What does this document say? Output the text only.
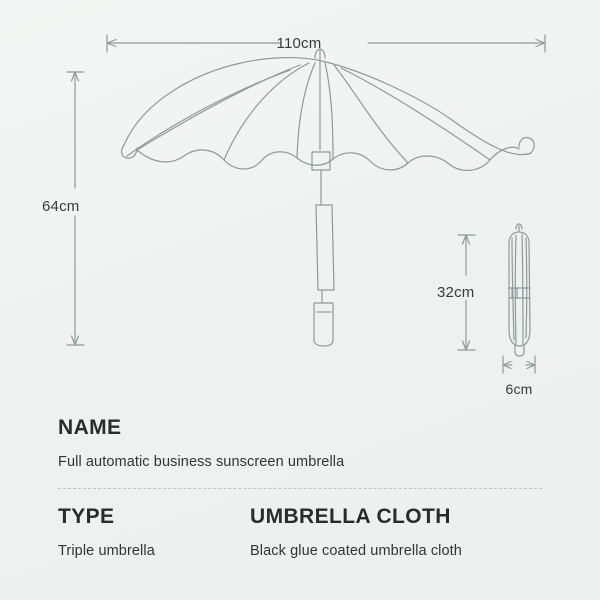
110cm
64cm
32cm
6cm

NAME

Full automatic business sunscreen umbrella

TYPE

Triple umbrella

UMBRELLA CLOTH

Black glue coated umbrella cloth
